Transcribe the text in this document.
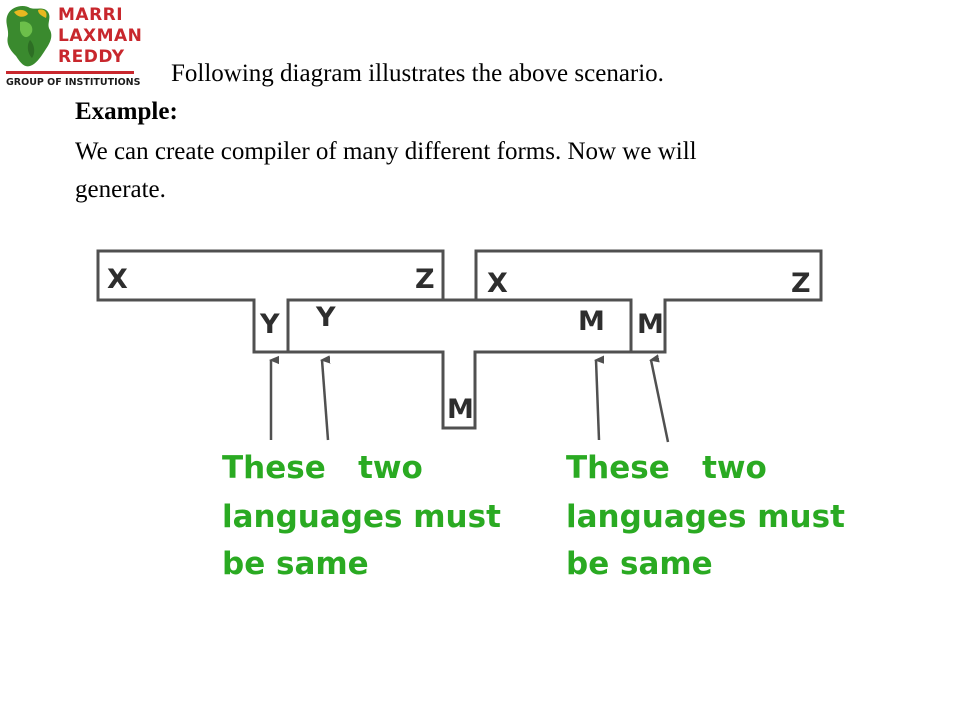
MARRI
LAXMAN
REDDY
GROUP OF INSTITUTIONS Following diagram illustrates the above scenario.
Example:
We can create compiler of many different forms. Now we will
generate.
X	Z
Y Y	M
M
X	Z
M
These   two
languages must
be same
These   two
languages must
be same
